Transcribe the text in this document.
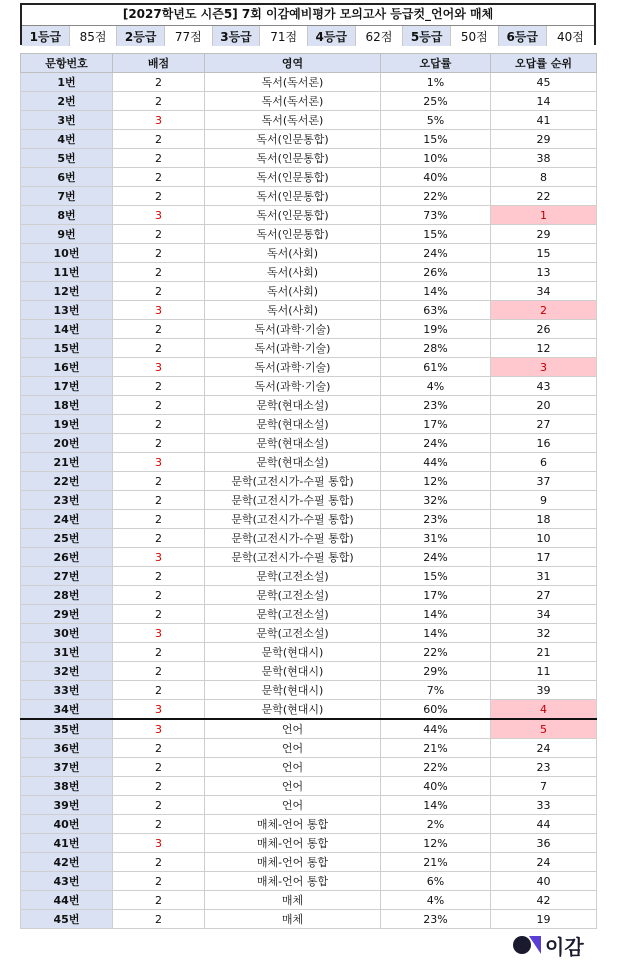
[2027학년도 시즌5] 7회 이감예비평가 모의고사 등급컷_언어와 매체
1등급	85점	2등급	77점	3등급	71점	4등급	62점	5등급	50점	6등급	40점
문항번호	배점	영역	오답률	오답률 순위
1번	2	독서(독서론)	1%	45
2번	2	독서(독서론)	25%	14
3번	3	독서(독서론)	5%	41
4번	2	독서(인문통합)	15%	29
5번	2	독서(인문통합)	10%	38
6번	2	독서(인문통합)	40%	8
7번	2	독서(인문통합)	22%	22
8번	3	독서(인문통합)	73%	1
9번	2	독서(인문통합)	15%	29
10번	2	독서(사회)	24%	15
11번	2	독서(사회)	26%	13
12번	2	독서(사회)	14%	34
13번	3	독서(사회)	63%	2
14번	2	독서(과학·기술)	19%	26
15번	2	독서(과학·기술)	28%	12
16번	3	독서(과학·기술)	61%	3
17번	2	독서(과학·기술)	4%	43
18번	2	문학(현대소설)	23%	20
19번	2	문학(현대소설)	17%	27
20번	2	문학(현대소설)	24%	16
21번	3	문학(현대소설)	44%	6
22번	2	문학(고전시가-수필 통합)	12%	37
23번	2	문학(고전시가-수필 통합)	32%	9
24번	2	문학(고전시가-수필 통합)	23%	18
25번	2	문학(고전시가-수필 통합)	31%	10
26번	3	문학(고전시가-수필 통합)	24%	17
27번	2	문학(고전소설)	15%	31
28번	2	문학(고전소설)	17%	27
29번	2	문학(고전소설)	14%	34
30번	3	문학(고전소설)	14%	32
31번	2	문학(현대시)	22%	21
32번	2	문학(현대시)	29%	11
33번	2	문학(현대시)	7%	39
34번	3	문학(현대시)	60%	4
35번	3	언어	44%	5
36번	2	언어	21%	24
37번	2	언어	22%	23
38번	2	언어	40%	7
39번	2	언어	14%	33
40번	2	매체-언어 통합	2%	44
41번	3	매체-언어 통합	12%	36
42번	2	매체-언어 통합	21%	24
43번	2	매체-언어 통합	6%	40
44번	2	매체	4%	42
45번	2	매체	23%	19
이감
